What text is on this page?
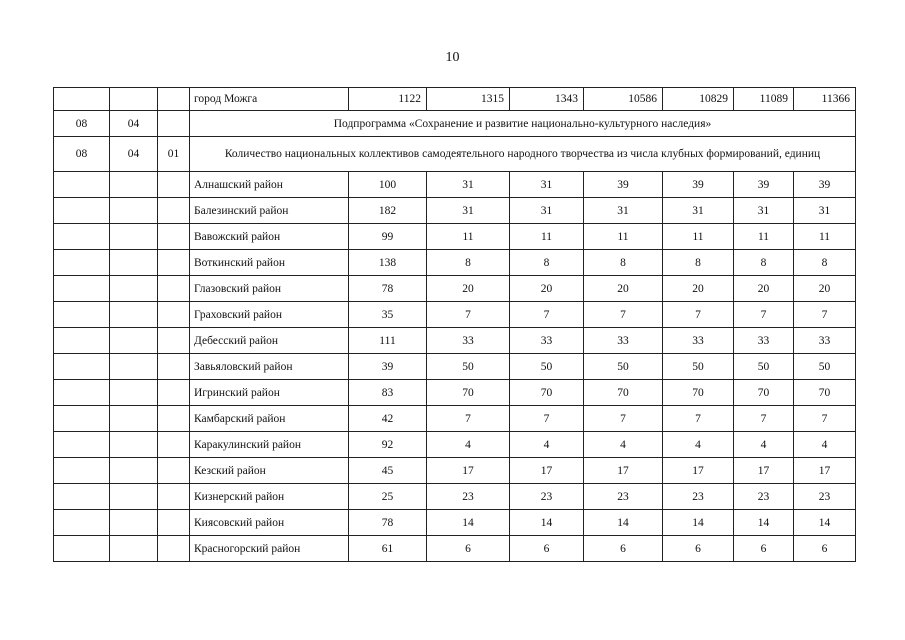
10
			город Можга	1122	1315	1343	10586	10829	11089	11366
08	04		Подпрограмма «Сохранение и развитие национально-культурного наследия»							
08	04	01	Количество национальных коллективов самодеятельного народного творчества из числа клубных формирований, единиц							
			Алнашский район	100	31	31	39	39	39	39
			Балезинский район	182	31	31	31	31	31	31
			Вавожский район	99	11	11	11	11	11	11
			Воткинский район	138	8	8	8	8	8	8
			Глазовский район	78	20	20	20	20	20	20
			Граховский район	35	7	7	7	7	7	7
			Дебесский район	111	33	33	33	33	33	33
			Завьяловский район	39	50	50	50	50	50	50
			Игринский район	83	70	70	70	70	70	70
			Камбарский район	42	7	7	7	7	7	7
			Каракулинский район	92	4	4	4	4	4	4
			Кезский район	45	17	17	17	17	17	17
			Кизнерский район	25	23	23	23	23	23	23
			Киясовский район	78	14	14	14	14	14	14
			Красногорский район	61	6	6	6	6	6	6
